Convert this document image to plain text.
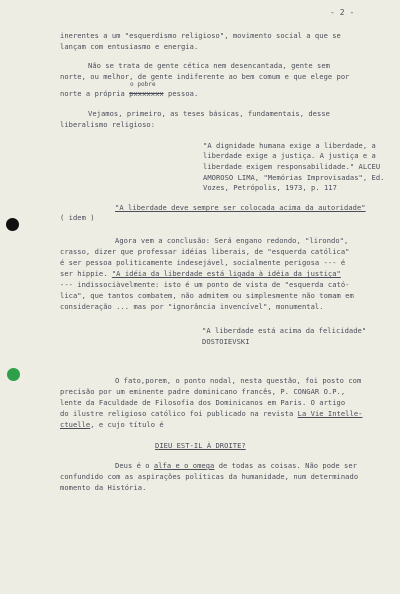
- 2 -
inerentes a um "esquerdismo religioso", movimento social a que se
lançam com entusiasmo e energia.
Não se trata de gente cética nem desencantada, gente sem
norte, ou melhor, de gente indiferente ao bem comum e que elege por
o pobre
norte a própria pxxxxxxx pessoa.
Vejamos, primeiro, as teses básicas, fundamentais, desse
liberalismo religioso:
"A dignidade humana exige a liberdade, a
liberdade exige a justiça. A justiça e a
liberdade exigem responsabilidade." ALCEU
AMOROSO LIMA, "Memórias Improvisadas", Ed.
Vozes, Petrópolis, 1973, p. 117
"A liberdade deve sempre ser colocada acima da autoridade"
( idem )
Agora vem a conclusão: Será engano redondo, "lirondo",
crasso, dizer que professar idéias liberais, de "esquerda católica"
é ser pessoa politicamente indesejável, socialmente perigosa --- é
ser hippie. "A idéia da liberdade está ligada à idéia da justiça"
--- indissociàvelmente: isto é um ponto de vista de "esquerda cató-
lica", que tantos combatem, não admitem ou simplesmente não tomam em
consideração ... mas por "ignorância invencível", monumental.
"A liberdade está acima da felicidade"
DOSTOIEVSKI
O fato,porem, o ponto nodal, nesta questão, foi posto com
precisão por um eminente padre dominicano francês, P. CONGAR O.P.,
lente da Faculdade de Filosofia dos Dominicanos em Paris. O artigo
do ilustre religioso católico foi publicado na revista La Vie Intelle-
ctuelle, e cujo título é
DIEU EST-IL À DROITE?
Deus é o alfa e o omega de todas as coisas. Não pode ser
confundido com as aspirações políticas da humanidade, num determinado
momento da História.
